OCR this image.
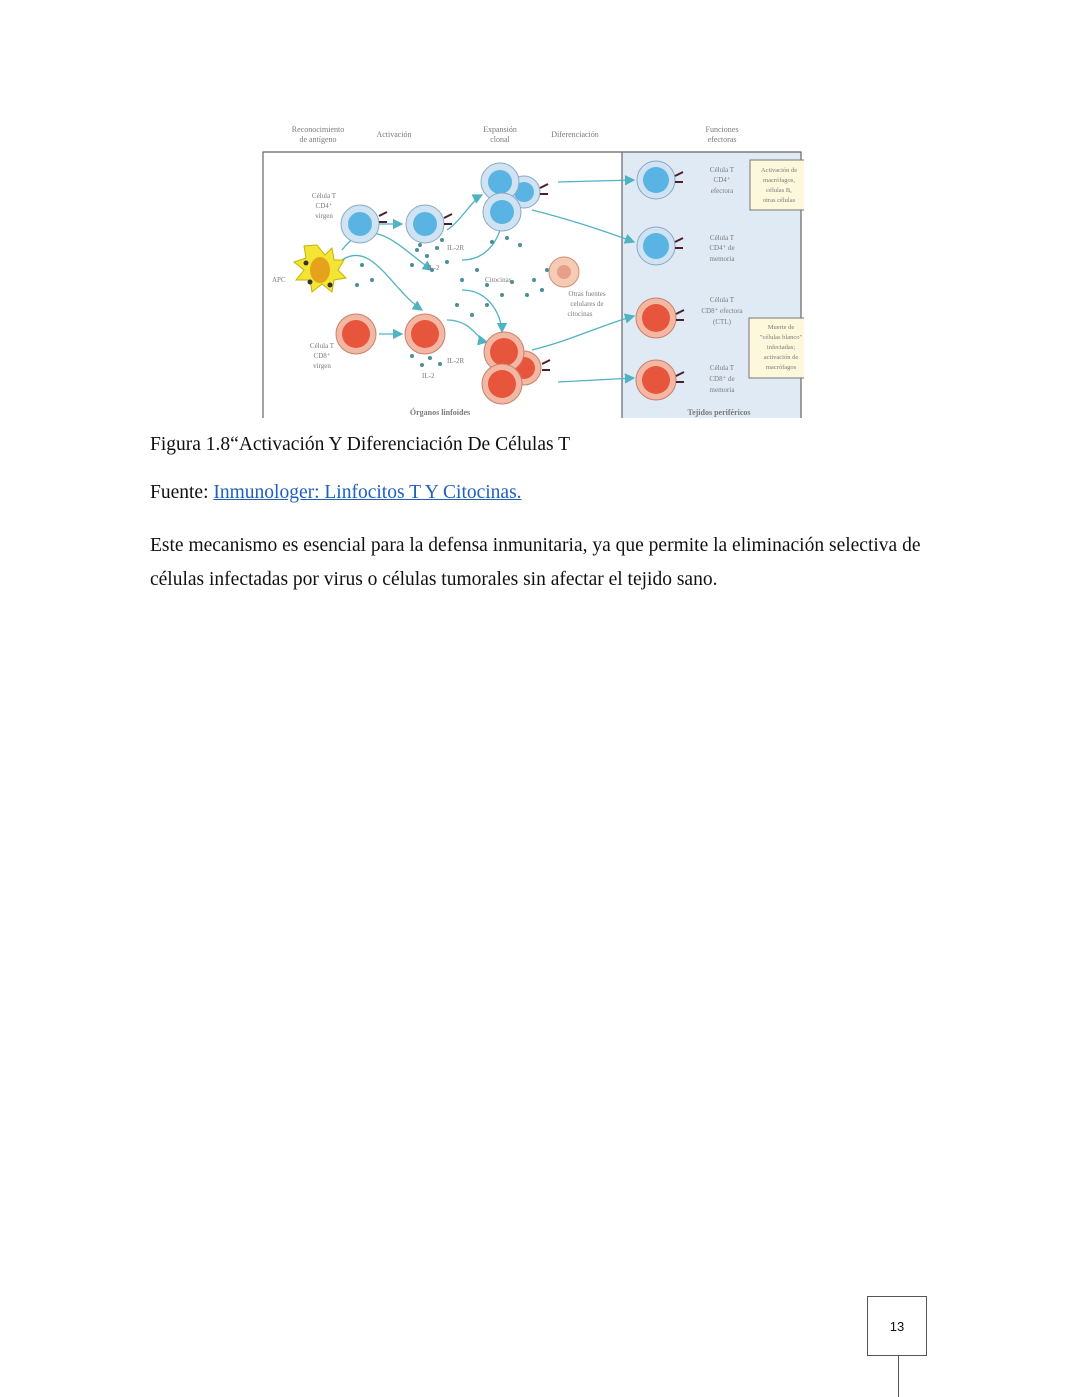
Reconocimiento
de antígeno
Activación
Expansión
clonal
Diferenciación
Funciones
efectoras
APC
Célula T
CD4⁺
virgen
Célula T
CD8⁺
virgen
IL-2R
IL-2
IL-2R
IL-2
Citocinas
Otras fuentes
celulares de
citocinas
Célula T
CD4⁺
efectora
Activación de
macrófagos,
células B,
otras células
Célula T
CD4⁺ de
memoria
Célula T
CD8⁺ efectora
(CTL)
Muerte de
"células blanco"
infectadas;
activación de
macrófagos
Célula T
CD8⁺ de
memoria
Órganos linfoides	Tejidos periféricos
Figura 1.8“Activación Y Diferenciación De Células T
Fuente: Inmunologer: Linfocitos T Y Citocinas.
Este mecanismo es esencial para la defensa inmunitaria, ya que permite la eliminación selectiva de
células infectadas por virus o células tumorales sin afectar el tejido sano.
13
